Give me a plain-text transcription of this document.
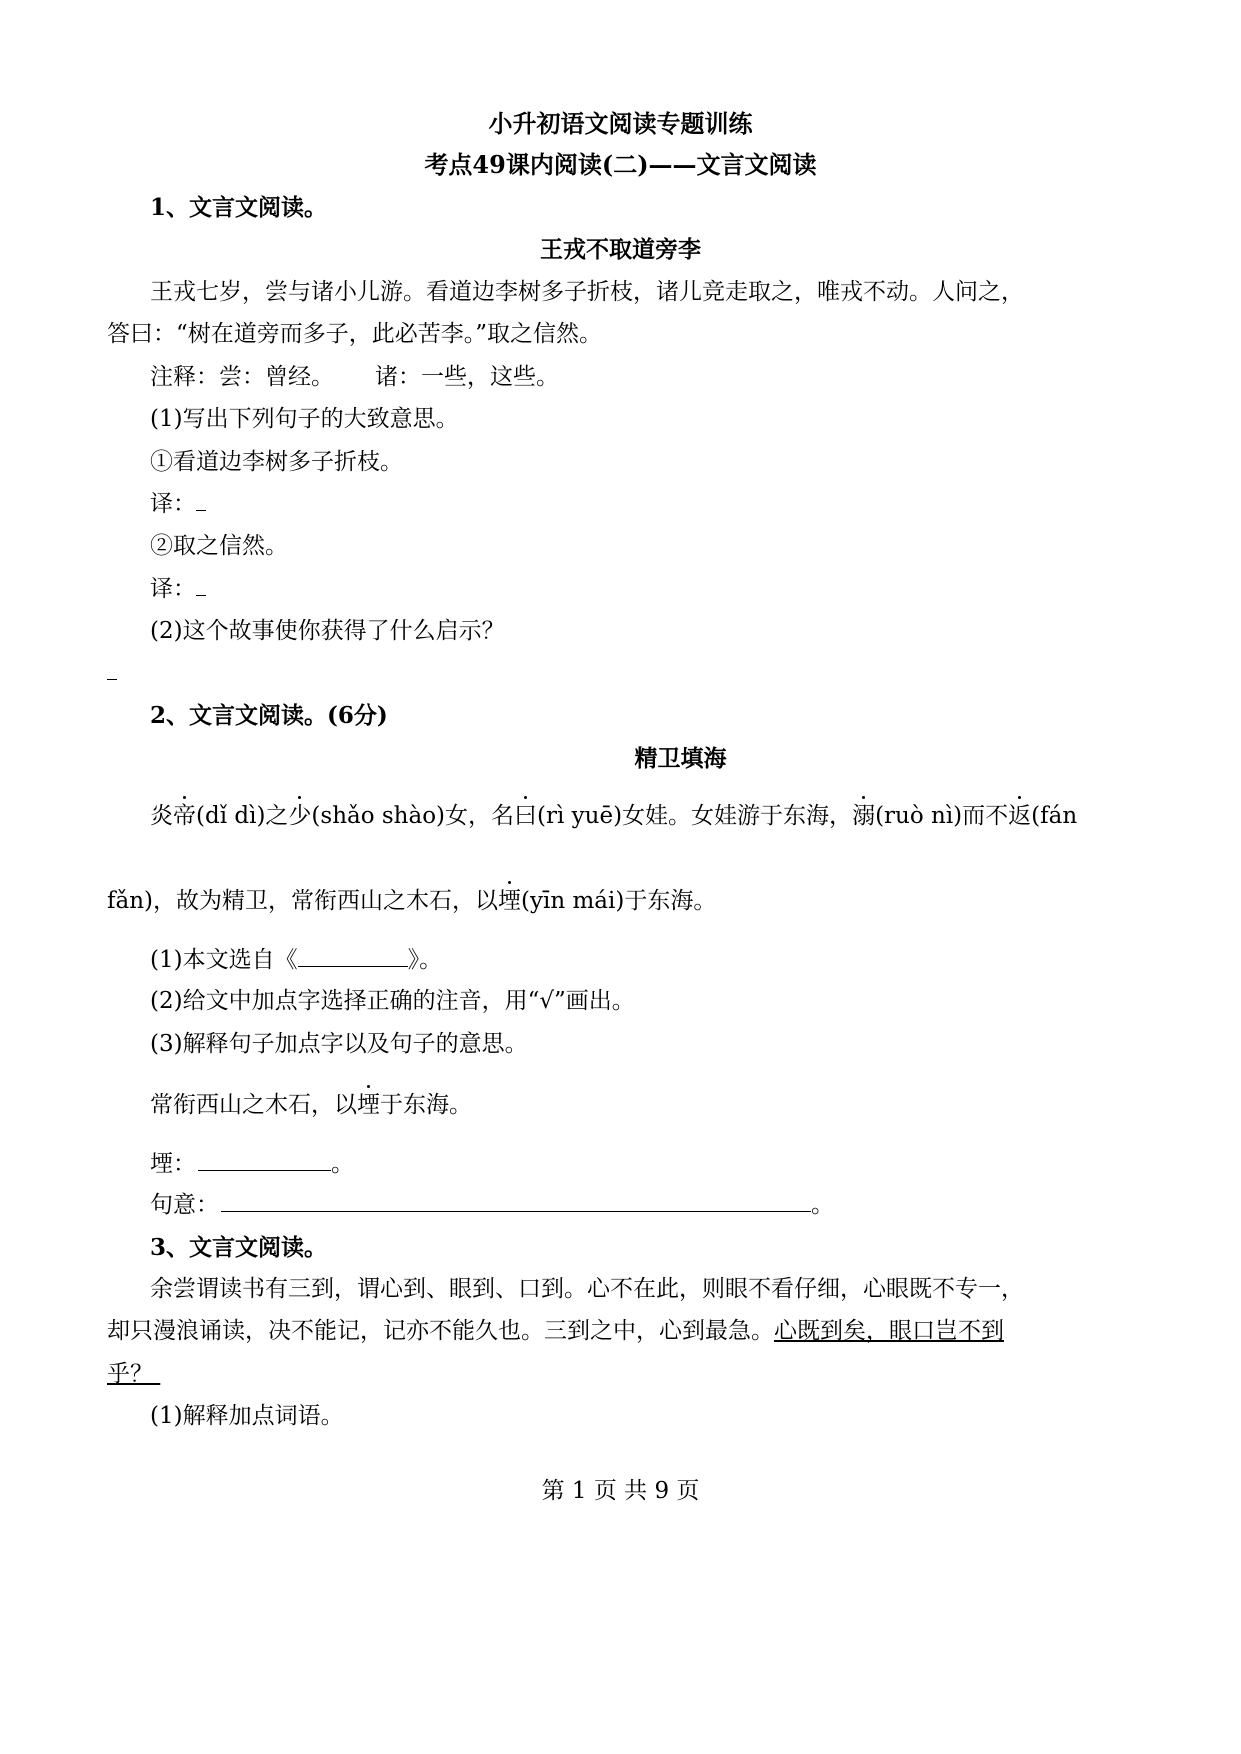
小升初语文阅读专题训练
考点49课内阅读(二)——文言文阅读
1、文言文阅读。
王戎不取道旁李
王戎七岁，尝与诸小儿游。看道边李树多子折枝，诸儿竞走取之，唯戎不动。人问之，
答曰：“树在道旁而多子，此必苦李。”取之信然。
注释：尝：曾经。 诸：一些，这些。
(1)写出下列句子的大致意思。
①看道边李树多子折枝。
译：
②取之信然。
译：
(2)这个故事使你获得了什么启示？
2、文言文阅读。(6分)
精卫填海
炎帝(dǐ dì)之少(shǎo shào)女，名曰(rì yuē)女娃。女娃游于东海，溺(ruò nì)而不返(fán
fǎn)，故为精卫，常衔西山之木石，以堙(yīn mái)于东海。
(1)本文选自《	》。
(2)给文中加点字选择正确的注音，用“√”画出。
(3)解释句子加点字以及句子的意思。
常衔西山之木石，以堙于东海。
堙：	。
句意：	。
3、文言文阅读。
余尝谓读书有三到，谓心到、眼到、口到。心不在此，则眼不看仔细，心眼既不专一，
却只漫浪诵读，决不能记，记亦不能久也。三到之中，心到最急。心既到矣，眼口岂不到
乎？
(1)解释加点词语。
第 1 页 共 9 页
